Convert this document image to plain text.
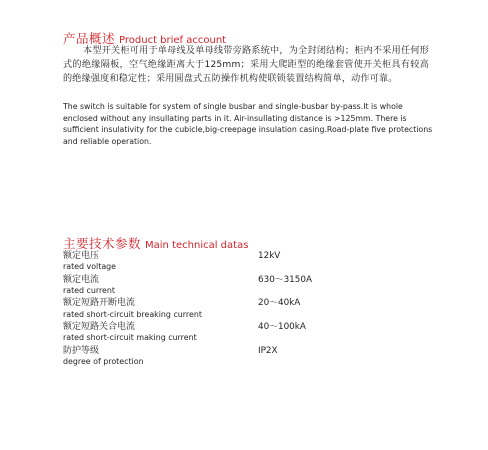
产品概述 Product brief account

本型开关柜可用于单母线及单母线带旁路系统中，为全封闭结构；柜内不采用任何形式的绝缘隔板，空气绝缘距离大于125mm；采用大爬距型的绝缘套管使开关柜具有较高的绝缘强度和稳定性；采用圆盘式五防操作机构使联锁装置结构简单，动作可靠。

The switch is suitable for system of single busbar and single-busbar by-pass.It is whole enclosed without any insullating parts in it. Air-insullating distance is >125mm. There is sufficient insulativity for the cubicle,big-creepage insulation casing.Road-plate five protections and reliable operation.

主要技术参数 Main technical datas
额定电压
rated voltage
12kV
额定电流
rated current
630～3150A
额定短路开断电流
rated short-circuit breaking current
20～40kA
额定短路关合电流
rated short-circuit making current
40～100kA
防护等级
degree of protection
IP2X
